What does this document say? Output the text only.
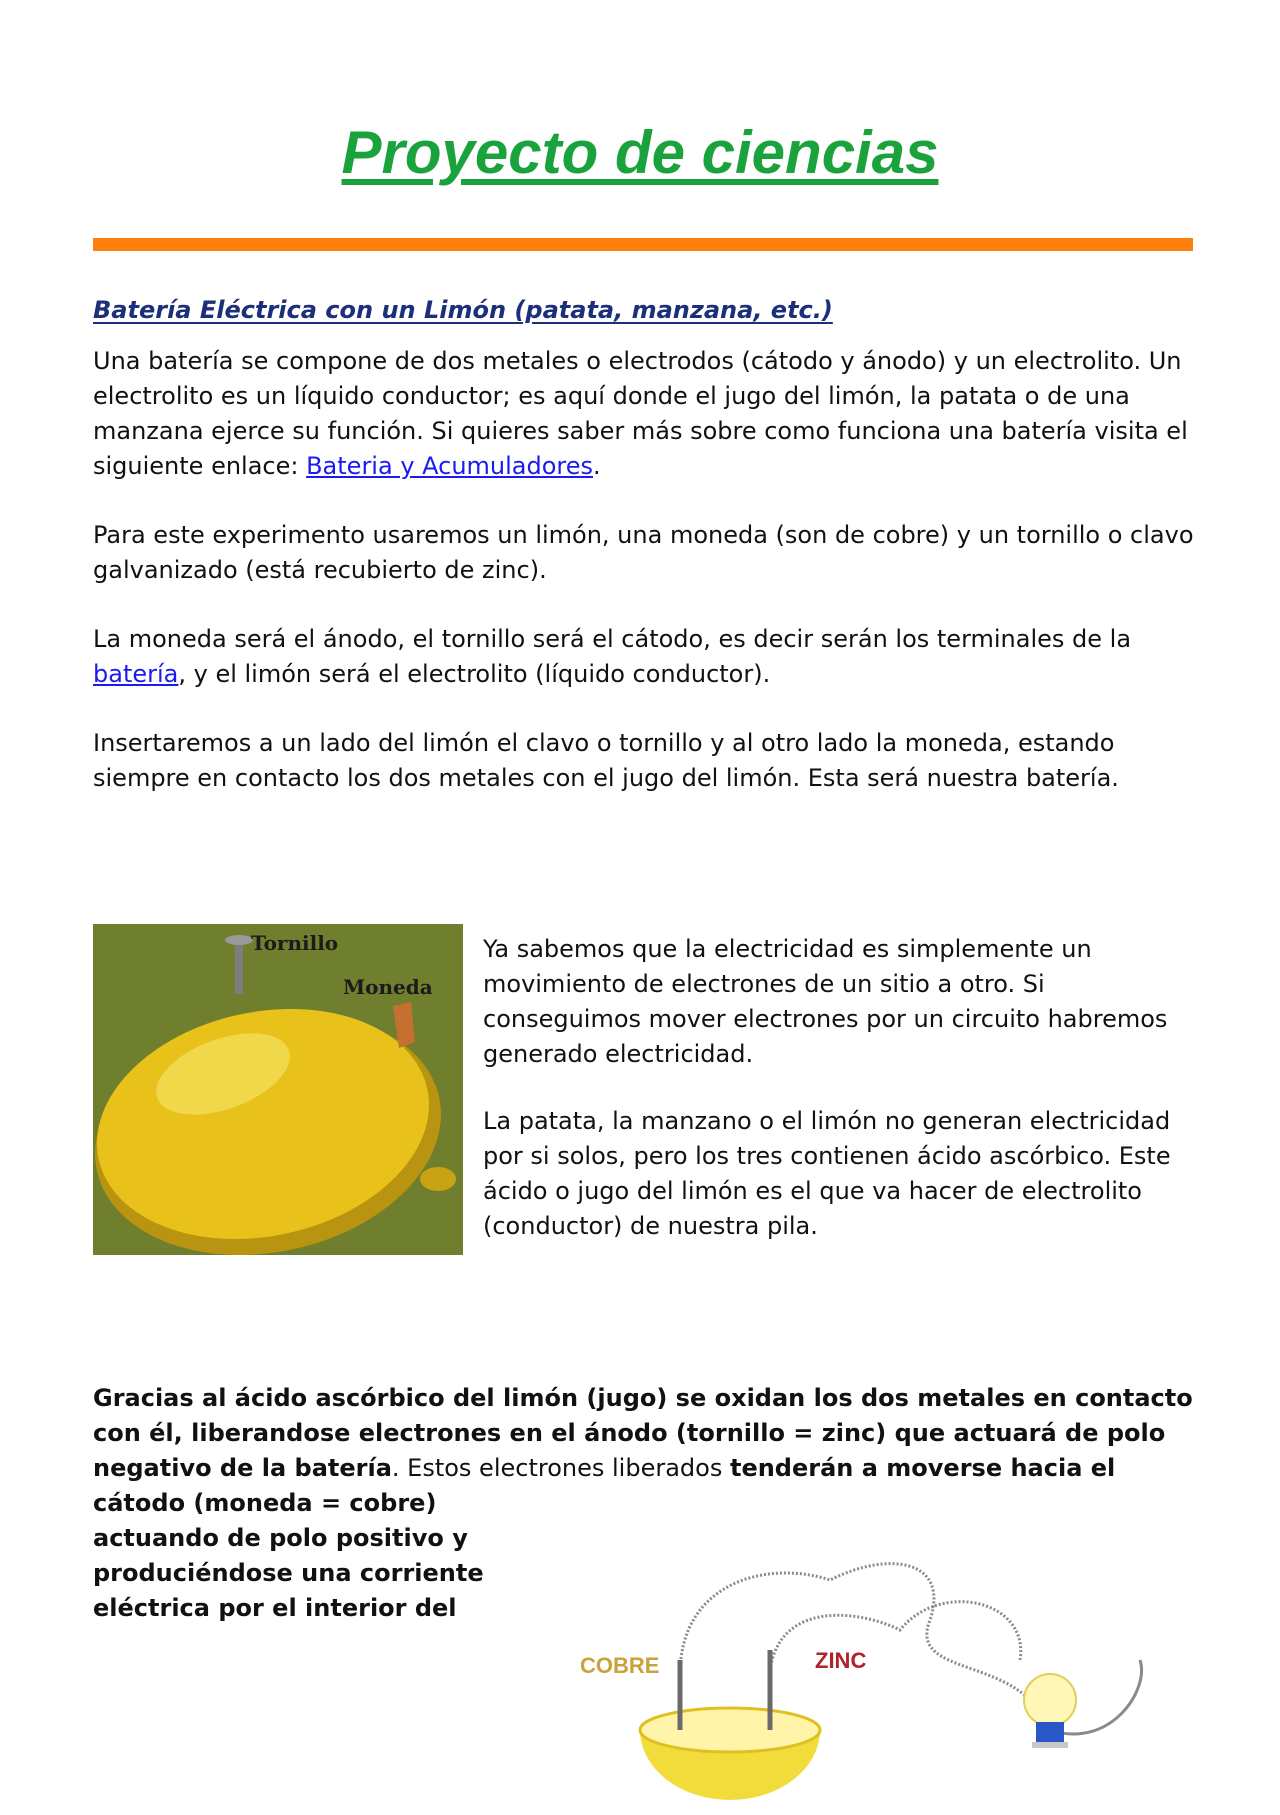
Proyecto de ciencias
Batería Eléctrica con un Limón (patata, manzana, etc.)

Una batería se compone de dos metales o electrodos (cátodo y ánodo) y un electrolito. Un electrolito es un líquido conductor; es aquí donde el jugo del limón, la patata o de una manzana ejerce su función. Si quieres saber más sobre como funciona una batería visita el siguiente enlace: Bateria y Acumuladores.

Para este experimento usaremos un limón, una moneda (son de cobre) y un tornillo o clavo galvanizado (está recubierto de zinc).

La moneda será el ánodo, el tornillo será el cátodo, es decir serán los terminales de la batería, y el limón será el electrolito (líquido conductor).

Insertaremos a un lado del limón el clavo o tornillo y al otro lado la moneda, estando siempre en contacto los dos metales con el jugo del limón. Esta será nuestra batería.

Tornillo
Moneda

Ya sabemos que la electricidad es simplemente un movimiento de electrones de un sitio a otro. Si conseguimos mover electrones por un circuito habremos generado electricidad.

La patata, la manzano o el limón no generan electricidad por si solos, pero los tres contienen ácido ascórbico. Este ácido o jugo del limón es el que va hacer de electrolito (conductor) de nuestra pila.

Gracias al ácido ascórbico del limón (jugo) se oxidan los dos metales en contacto con él, liberandose electrones en el ánodo (tornillo = zinc) que actuará de polo negativo de la batería. Estos electrones liberados tenderán a moverse hacia el cátodo (moneda = cobre)
actuando de polo positivo y
produciéndose una corriente
eléctrica por el interior del

COBRE	ZINC
